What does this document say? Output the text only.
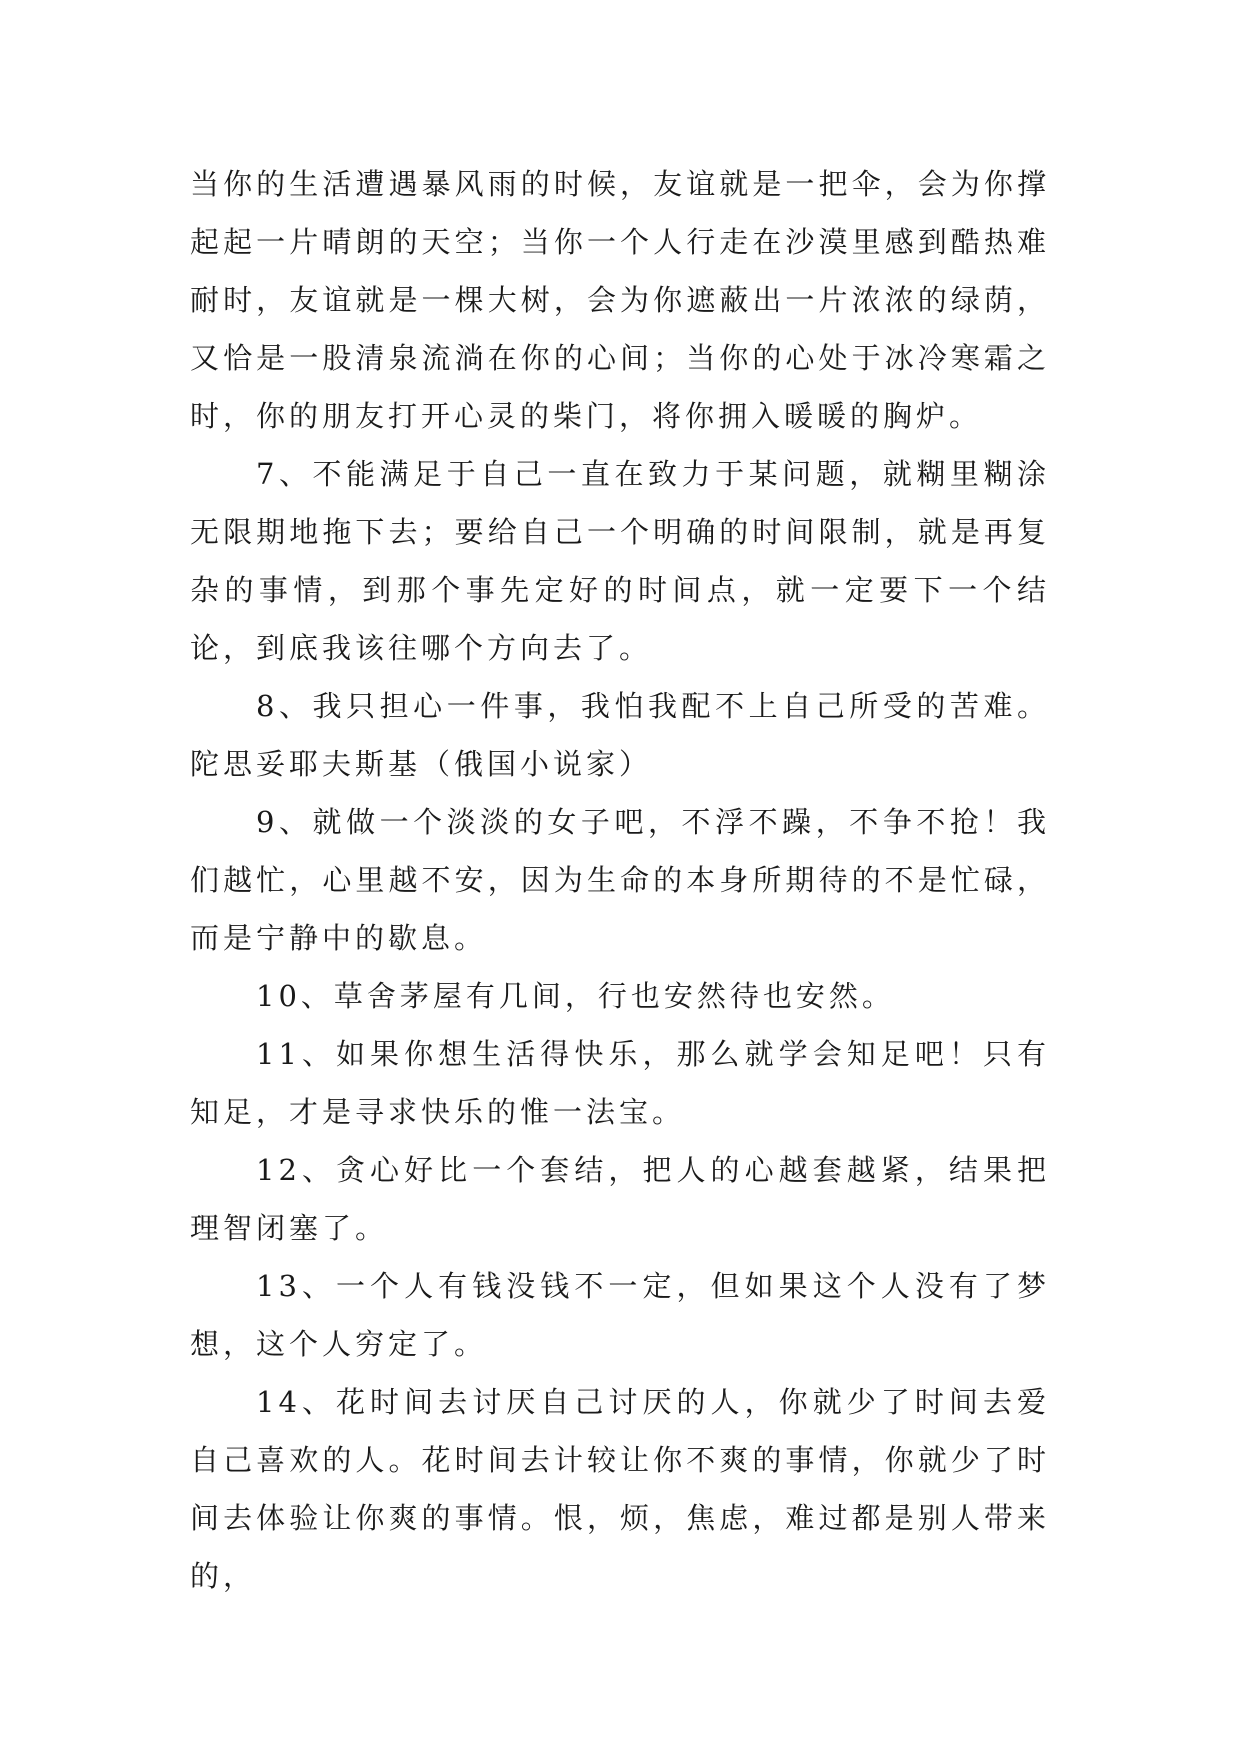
当你的生活遭遇暴风雨的时候，友谊就是一把伞，会为你撑起起一片晴朗的天空；当你一个人行走在沙漠里感到酷热难耐时，友谊就是一棵大树，会为你遮蔽出一片浓浓的绿荫，又恰是一股清泉流淌在你的心间；当你的心处于冰冷寒霜之时，你的朋友打开心灵的柴门，将你拥入暖暖的胸炉。

7、不能满足于自己一直在致力于某问题，就糊里糊涂无限期地拖下去；要给自己一个明确的时间限制，就是再复杂的事情，到那个事先定好的时间点，就一定要下一个结论，到底我该往哪个方向去了。

8、我只担心一件事，我怕我配不上自己所受的苦难。陀思妥耶夫斯基（俄国小说家）

9、就做一个淡淡的女子吧，不浮不躁，不争不抢！我们越忙，心里越不安，因为生命的本身所期待的不是忙碌，而是宁静中的歇息。

10、草舍茅屋有几间，行也安然待也安然。

11、如果你想生活得快乐，那么就学会知足吧！只有知足，才是寻求快乐的惟一法宝。

12、贪心好比一个套结，把人的心越套越紧，结果把理智闭塞了。

13、一个人有钱没钱不一定，但如果这个人没有了梦想，这个人穷定了。

14、花时间去讨厌自己讨厌的人，你就少了时间去爱自己喜欢的人。花时间去计较让你不爽的事情，你就少了时间去体验让你爽的事情。恨，烦，焦虑，难过都是别人带来的，
